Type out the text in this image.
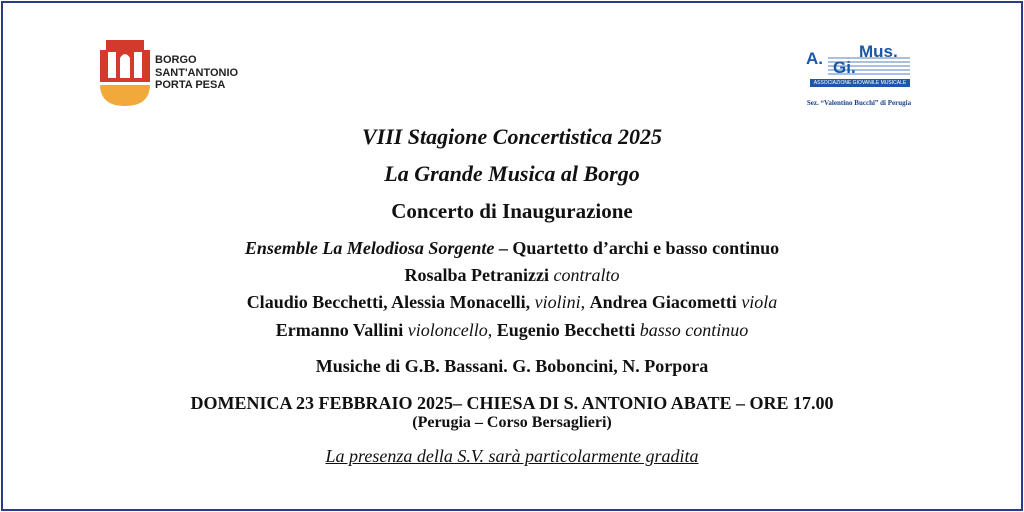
BORGO
SANT'ANTONIO
PORTA PESA
A. Gi.
Mus.
ASSOCIAZIONE GIOVANILE MUSICALE
Sez. “Valentino Bucchi” di Perugia
VIII Stagione Concertistica 2025
La Grande Musica al Borgo
Concerto di Inaugurazione
Ensemble La Melodiosa Sorgente – Quartetto d’archi e basso continuo
Rosalba Petranizzi contralto
Claudio Becchetti, Alessia Monacelli, violini, Andrea Giacometti viola
Ermanno Vallini violoncello, Eugenio Becchetti basso continuo
Musiche di G.B. Bassani. G. Boboncini, N. Porpora
DOMENICA 23 FEBBRAIO 2025– CHIESA DI S. ANTONIO ABATE – ORE 17.00
(Perugia – Corso Bersaglieri)
La presenza della S.V. sarà particolarmente gradita
